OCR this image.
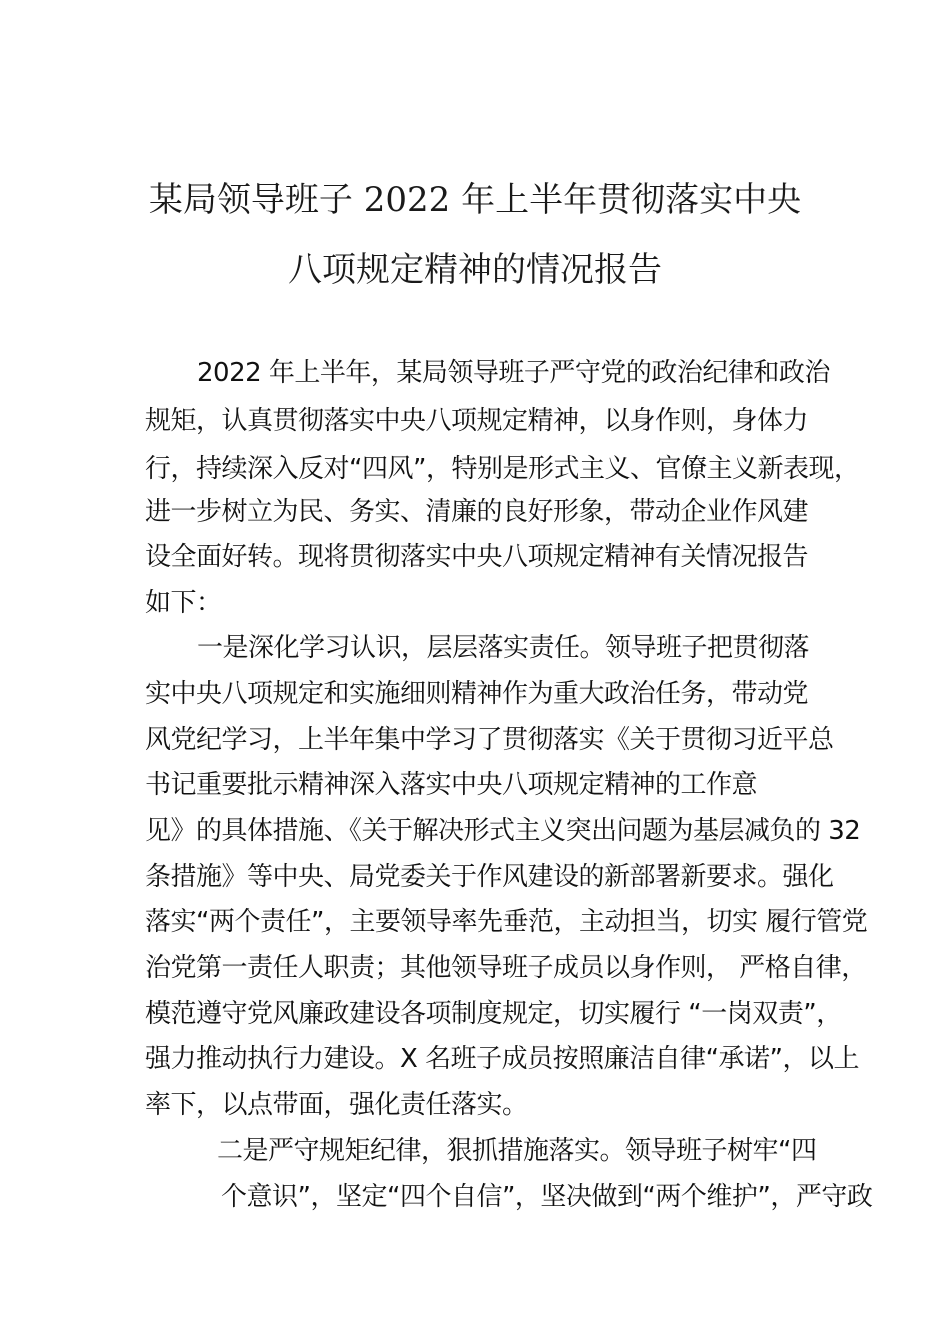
某局领导班子 2022 年上半年贯彻落实中央
八项规定精神的情况报告
2022 年上半年，某局领导班子严守党的政治纪律和政治
规矩，认真贯彻落实中央八项规定精神，以身作则，身体力
行，持续深入反对“四风”，特别是形式主义、官僚主义新表现，
进一步树立为民、务实、清廉的良好形象，带动企业作风建
设全面好转。现将贯彻落实中央八项规定精神有关情况报告
如下：
一是深化学习认识，层层落实责任。领导班子把贯彻落
实中央八项规定和实施细则精神作为重大政治任务，带动党
风党纪学习，上半年集中学习了贯彻落实《关于贯彻习近平总
书记重要批示精神深入落实中央八项规定精神的工作意
见》的具体措施、《关于解决形式主义突出问题为基层减负的 32
条措施》等中央、局党委关于作风建设的新部署新要求。强化
落实“两个责任”，主要领导率先垂范，主动担当，切实 履行管党
治党第一责任人职责；其他领导班子成员以身作则， 严格自律，
模范遵守党风廉政建设各项制度规定，切实履行 “一岗双责”，
强力推动执行力建设。X 名班子成员按照廉洁自律“承诺”，以上
率下，以点带面，强化责任落实。
二是严守规矩纪律，狠抓措施落实。领导班子树牢“四
个意识”，坚定“四个自信”，坚决做到“两个维护”，严守政
